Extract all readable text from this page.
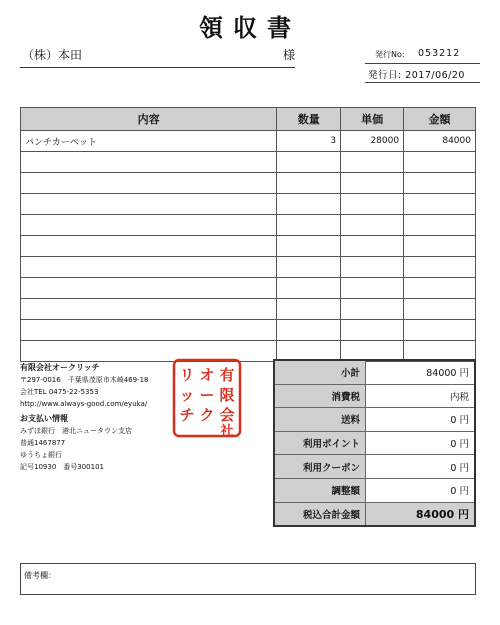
領収書
（株）本田	様	発行No: 053212
発行日: 2017/06/20
内容	数量	単価	金額
パンチカーペット	3	28000	84000

有限会社オークリッチ
〒297-0016　千葉県茂原市木崎469-18
会社TEL 0475-22-5353
http://www.always-good.com/eyuka/
お支払い情報
みずほ銀行　港北ニュータウン支店
普通1467877
ゆうちょ銀行
記号10930　番号300101
有
限
会
社
オ
ー
ク
リ
ッ
チ
小計	84000 円
消費税	内税
送料	0 円
利用ポイント	0 円
利用クーポン	0 円
調整額	0 円
税込合計金額	84000 円
備考欄：
